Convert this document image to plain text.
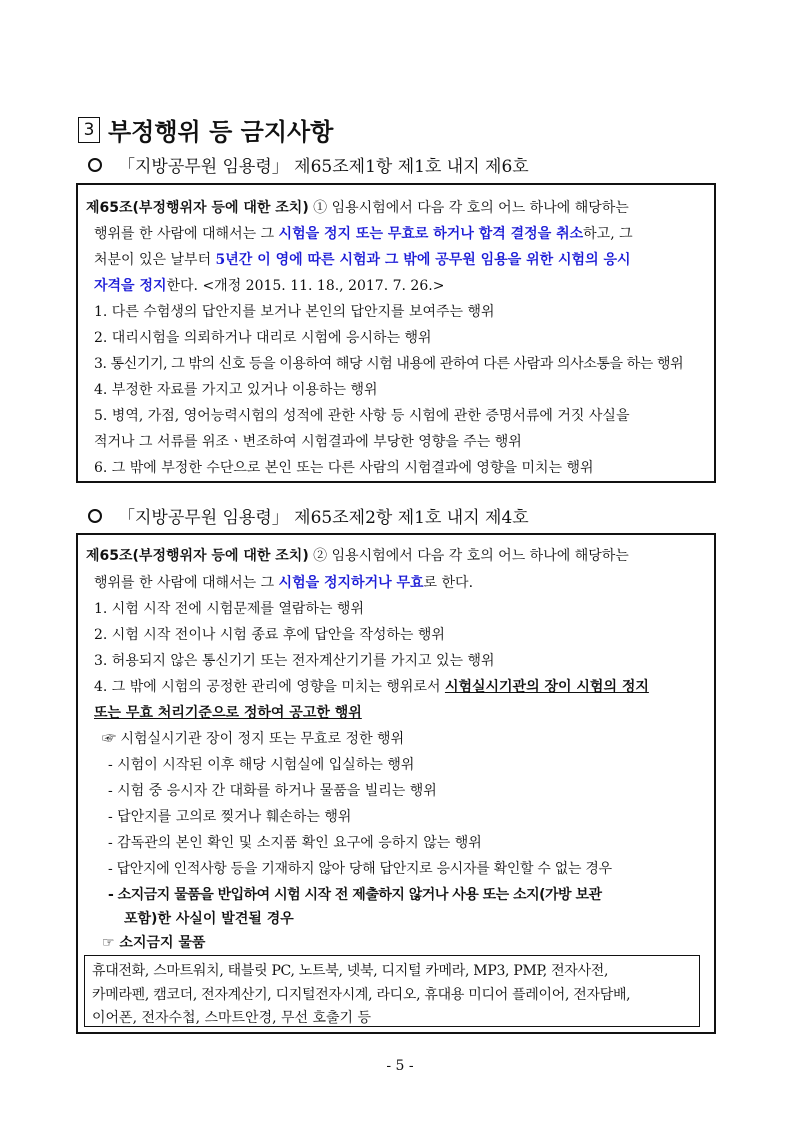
3 부정행위 등 금지사항
「지방공무원 임용령」 제65조제1항 제1호 내지 제6호
제65조(부정행위자 등에 대한 조치) ① 임용시험에서 다음 각 호의 어느 하나에 해당하는
행위를 한 사람에 대해서는 그 시험을 정지 또는 무효로 하거나 합격 결정을 취소하고, 그
처분이 있은 날부터 5년간 이 영에 따른 시험과 그 밖에 공무원 임용을 위한 시험의 응시
자격을 정지한다. <개정 2015. 11. 18., 2017. 7. 26.>
1. 다른 수험생의 답안지를 보거나 본인의 답안지를 보여주는 행위
2. 대리시험을 의뢰하거나 대리로 시험에 응시하는 행위
3. 통신기기, 그 밖의 신호 등을 이용하여 해당 시험 내용에 관하여 다른 사람과 의사소통을 하는 행위
4. 부정한 자료를 가지고 있거나 이용하는 행위
5. 병역, 가점, 영어능력시험의 성적에 관한 사항 등 시험에 관한 증명서류에 거짓 사실을
적거나 그 서류를 위조ㆍ변조하여 시험결과에 부당한 영향을 주는 행위
6. 그 밖에 부정한 수단으로 본인 또는 다른 사람의 시험결과에 영향을 미치는 행위
「지방공무원 임용령」 제65조제2항 제1호 내지 제4호
제65조(부정행위자 등에 대한 조치) ② 임용시험에서 다음 각 호의 어느 하나에 해당하는
행위를 한 사람에 대해서는 그 시험을 정지하거나 무효로 한다.
1. 시험 시작 전에 시험문제를 열람하는 행위
2. 시험 시작 전이나 시험 종료 후에 답안을 작성하는 행위
3. 허용되지 않은 통신기기 또는 전자계산기기를 가지고 있는 행위
4. 그 밖에 시험의 공정한 관리에 영향을 미치는 행위로서 시험실시기관의 장이 시험의 정지
또는 무효 처리기준으로 정하여 공고한 행위
☞ 시험실시기관 장이 정지 또는 무효로 정한 행위
- 시험이 시작된 이후 해당 시험실에 입실하는 행위
- 시험 중 응시자 간 대화를 하거나 물품을 빌리는 행위
- 답안지를 고의로 찢거나 훼손하는 행위
- 감독관의 본인 확인 및 소지품 확인 요구에 응하지 않는 행위
- 답안지에 인적사항 등을 기재하지 않아 당해 답안지로 응시자를 확인할 수 없는 경우
- 소지금지 물품을 반입하여 시험 시작 전 제출하지 않거나 사용 또는 소지(가방 보관
포함)한 사실이 발견될 경우
☞ 소지금지 물품
휴대전화, 스마트워치, 태블릿 PC, 노트북, 넷북, 디지털 카메라, MP3, PMP, 전자사전,
카메라펜, 캠코더, 전자계산기, 디지털전자시계, 라디오, 휴대용 미디어 플레이어, 전자담배,
이어폰, 전자수첩, 스마트안경, 무선 호출기 등
- 5 -
